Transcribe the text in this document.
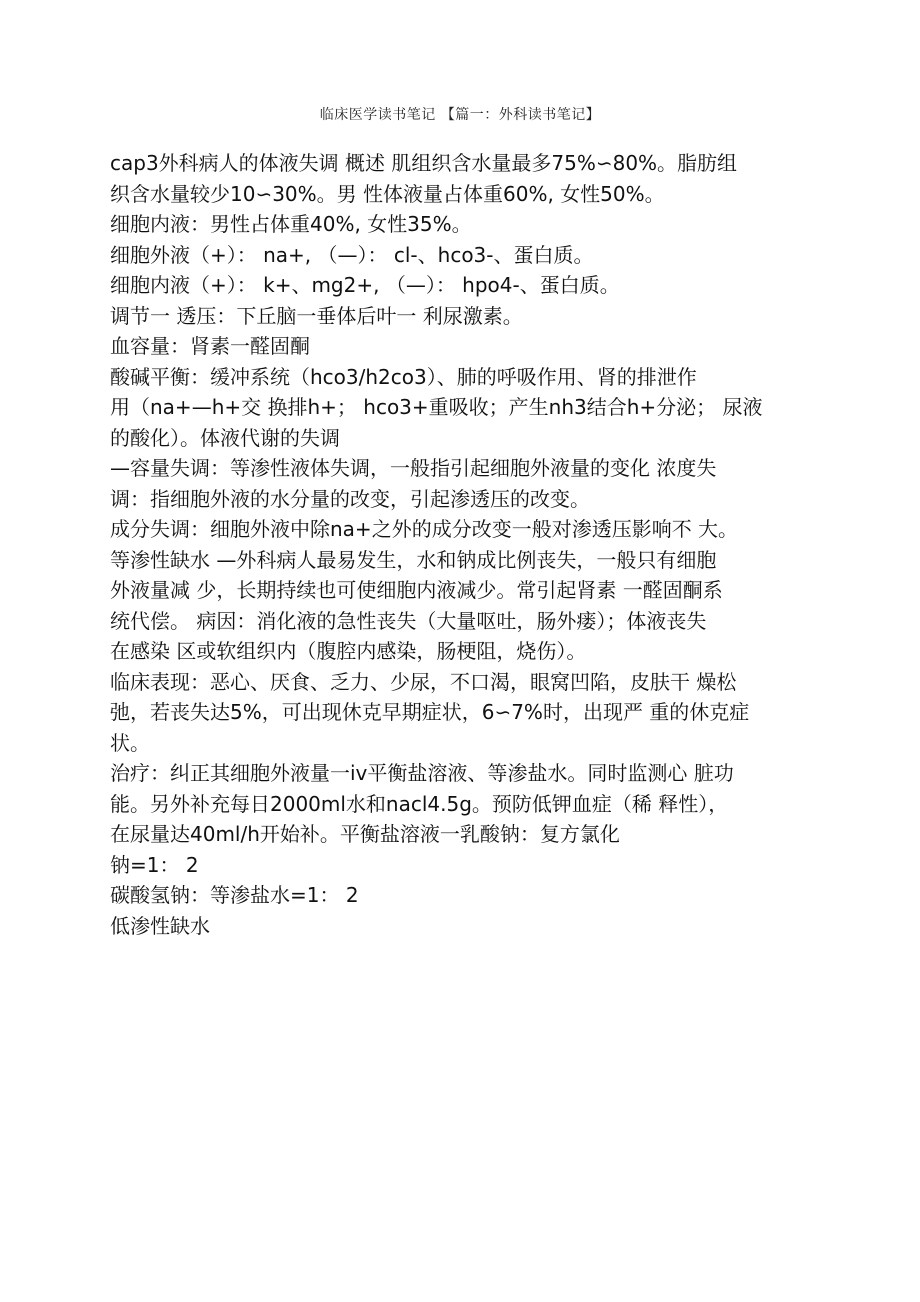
临床医学读书笔记 【篇一：外科读书笔记】
cap3外科病人的体液失调 概述 肌组织含水量最多75%∽80%。脂肪组
织含水量较少10∽30%。男 性体液量占体重60%, 女性50%。
细胞内液：男性占体重40%, 女性35%。
细胞外液（+）： na+, （—）： cl-、hco3-、蛋白质。
细胞内液（+）： k+、mg2+, （—）： hpo4-、蛋白质。
调节一 透压：下丘脑一垂体后叶一 利尿激素。
血容量：肾素一醛固酮
酸碱平衡：缓冲系统（hco3/h2co3）、肺的呼吸作用、肾的排泄作
用（na+—h+交 换排h+； hco3+重吸收；产生nh3结合h+分泌； 尿液
的酸化）。体液代谢的失调
—容量失调：等渗性液体失调，一般指引起细胞外液量的变化 浓度失
调：指细胞外液的水分量的改变，引起渗透压的改变。
成分失调：细胞外液中除na+之外的成分改变一般对渗透压影响不 大。
等渗性缺水 —外科病人最易发生，水和钠成比例丧失，一般只有细胞
外液量减 少，长期持续也可使细胞内液减少。常引起肾素 一醛固酮系
统代偿。 病因：消化液的急性丧失（大量呕吐，肠外瘘）；体液丧失
在感染 区或软组织内（腹腔内感染，肠梗阻，烧伤）。
临床表现：恶心、厌食、乏力、少尿，不口渴，眼窝凹陷，皮肤干 燥松
弛，若丧失达5%，可出现休克早期症状，6∽7%时，出现严 重的休克症
状。
治疗：纠正其细胞外液量一iv平衡盐溶液、等渗盐水。同时监测心 脏功
能。另外补充每日2000ml水和nacl4.5g。预防低钾血症（稀 释性），
在尿量达40ml/h开始补。平衡盐溶液一乳酸钠：复方氯化
钠=1： 2
碳酸氢钠：等渗盐水=1： 2
低渗性缺水
